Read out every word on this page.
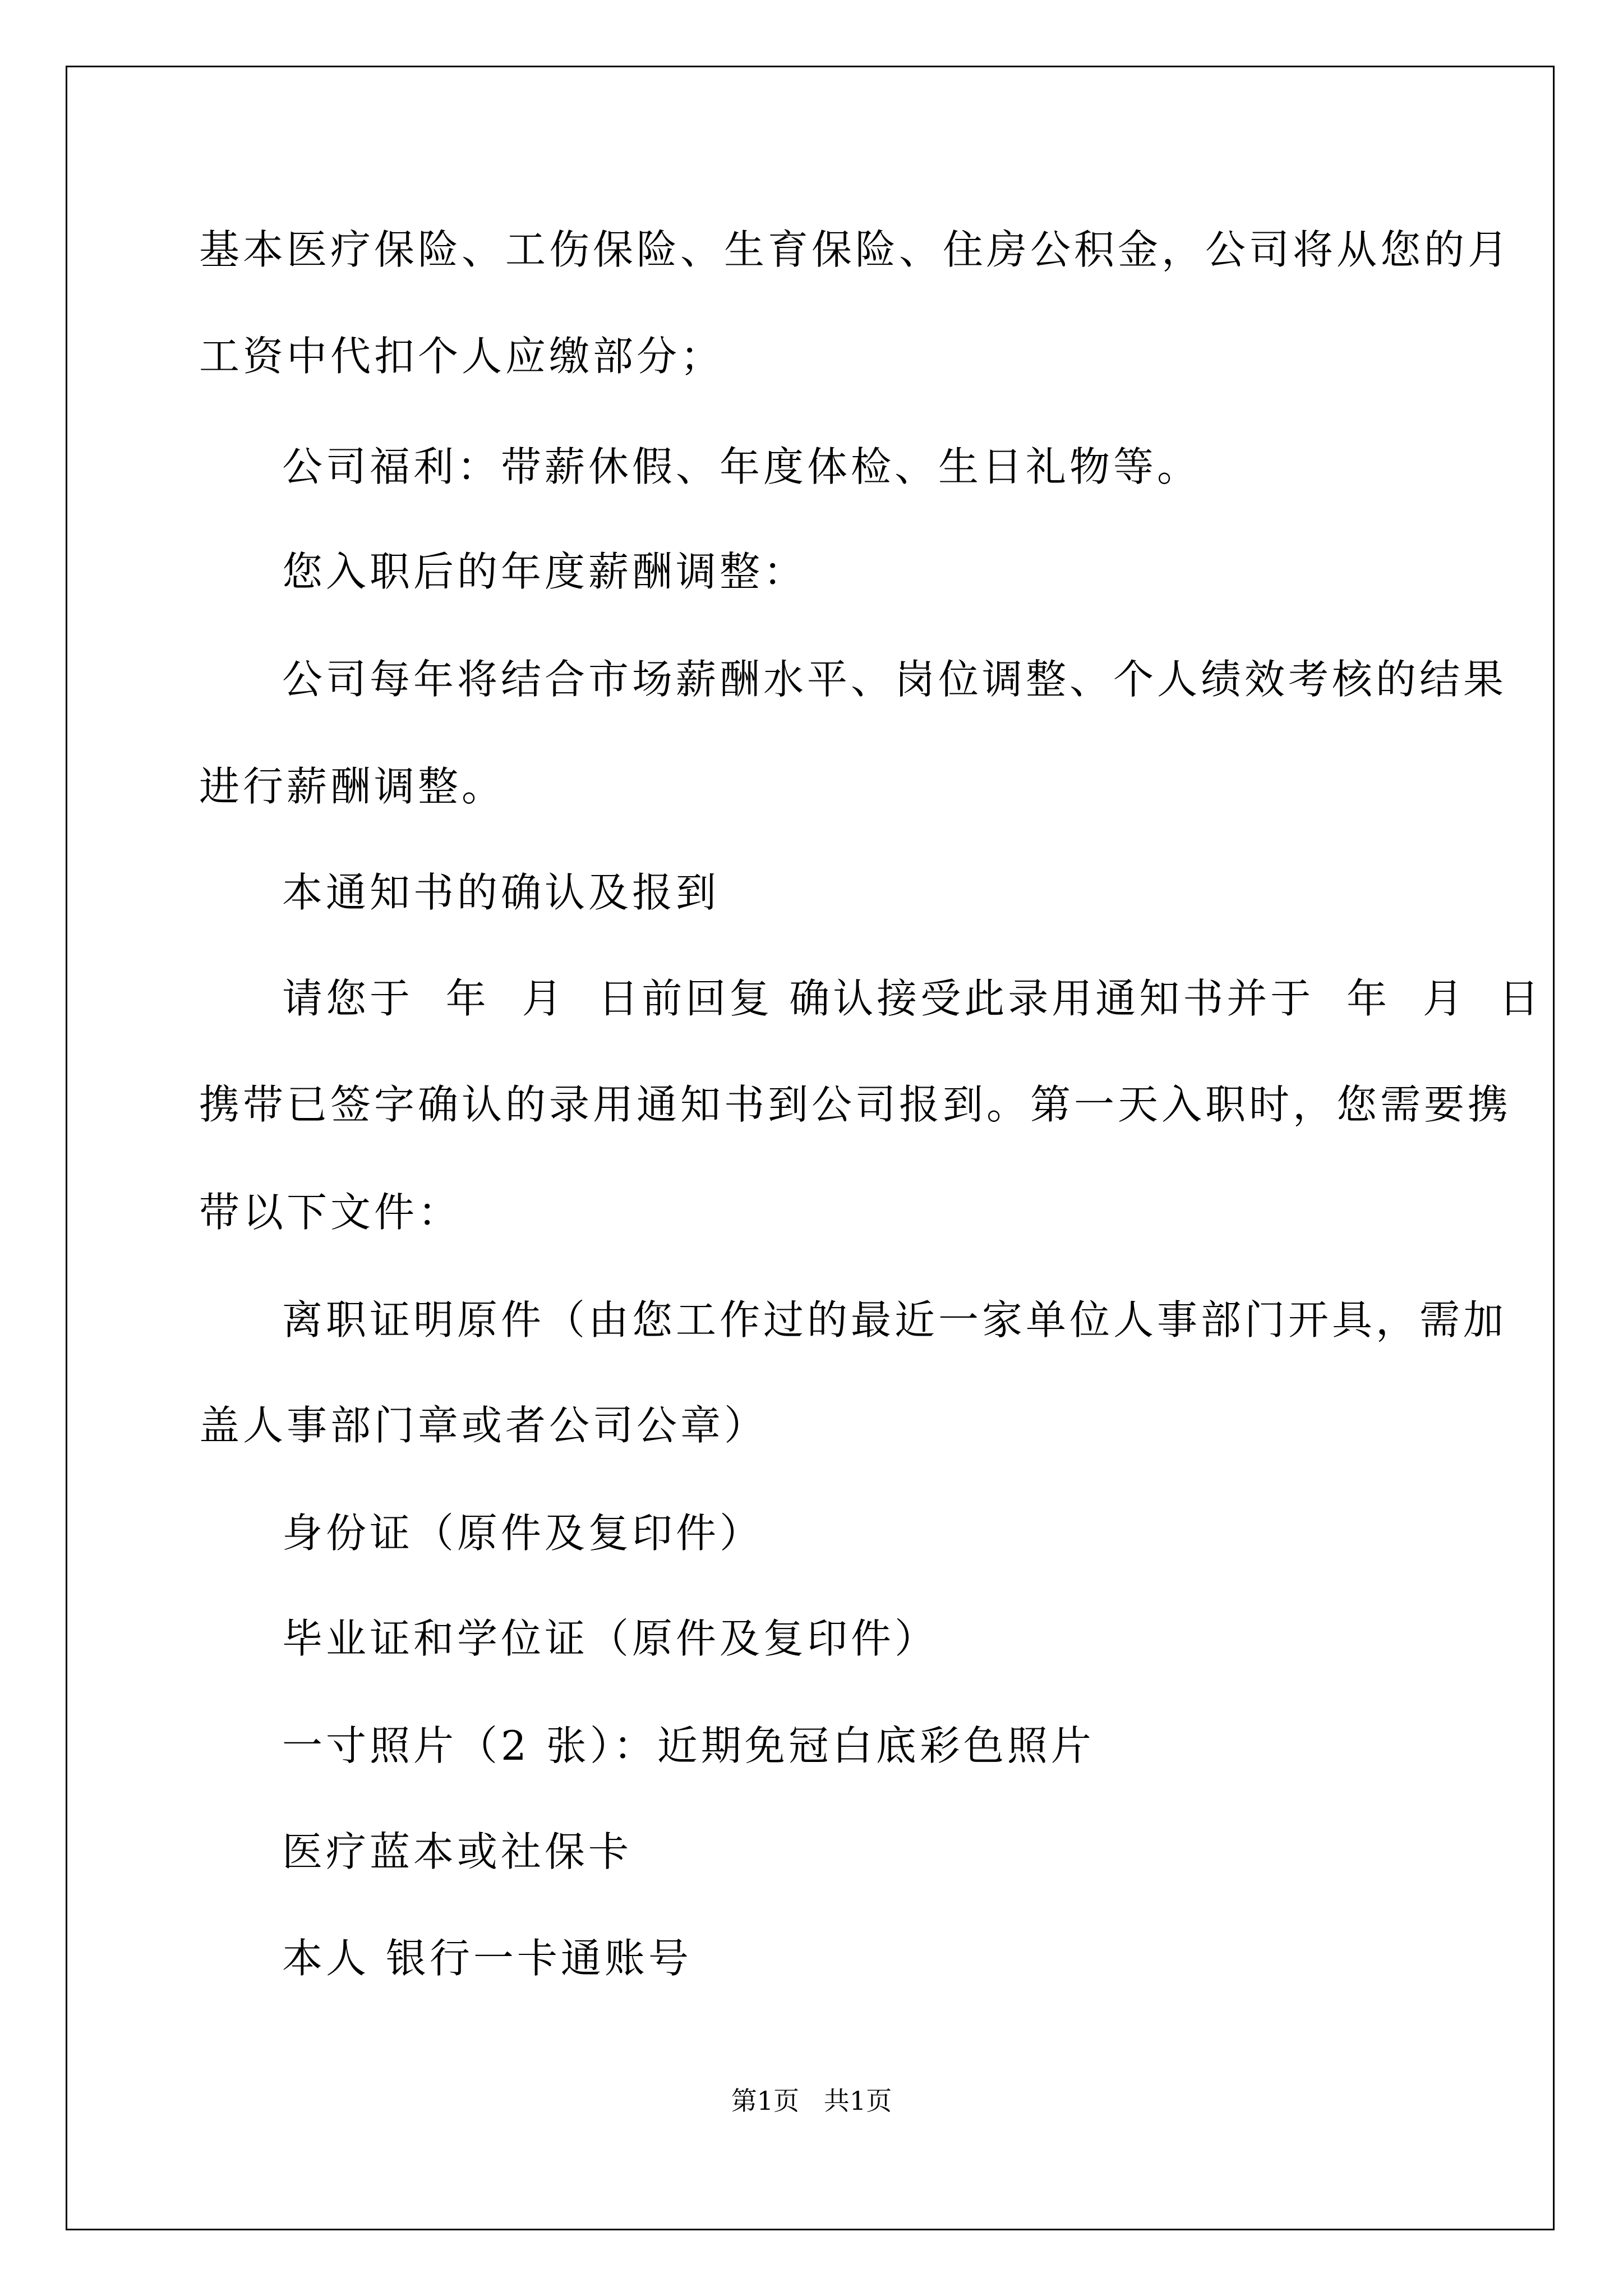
基本医疗保险、工伤保险、生育保险、住房公积金，公司将从您的月
工资中代扣个人应缴部分；
公司福利：带薪休假、年度体检、生日礼物等。
您入职后的年度薪酬调整：
公司每年将结合市场薪酬水平、岗位调整、个人绩效考核的结果
进行薪酬调整。
本通知书的确认及报到
请您于  年  月  日前回复 确认接受此录用通知书并于  年  月  日
携带已签字确认的录用通知书到公司报到。第一天入职时，您需要携
带以下文件：
离职证明原件（由您工作过的最近一家单位人事部门开具，需加
盖人事部门章或者公司公章）
身份证（原件及复印件）
毕业证和学位证（原件及复印件）
一寸照片（2 张）：近期免冠白底彩色照片
医疗蓝本或社保卡
本人 银行一卡通账号
第1页   共1页
